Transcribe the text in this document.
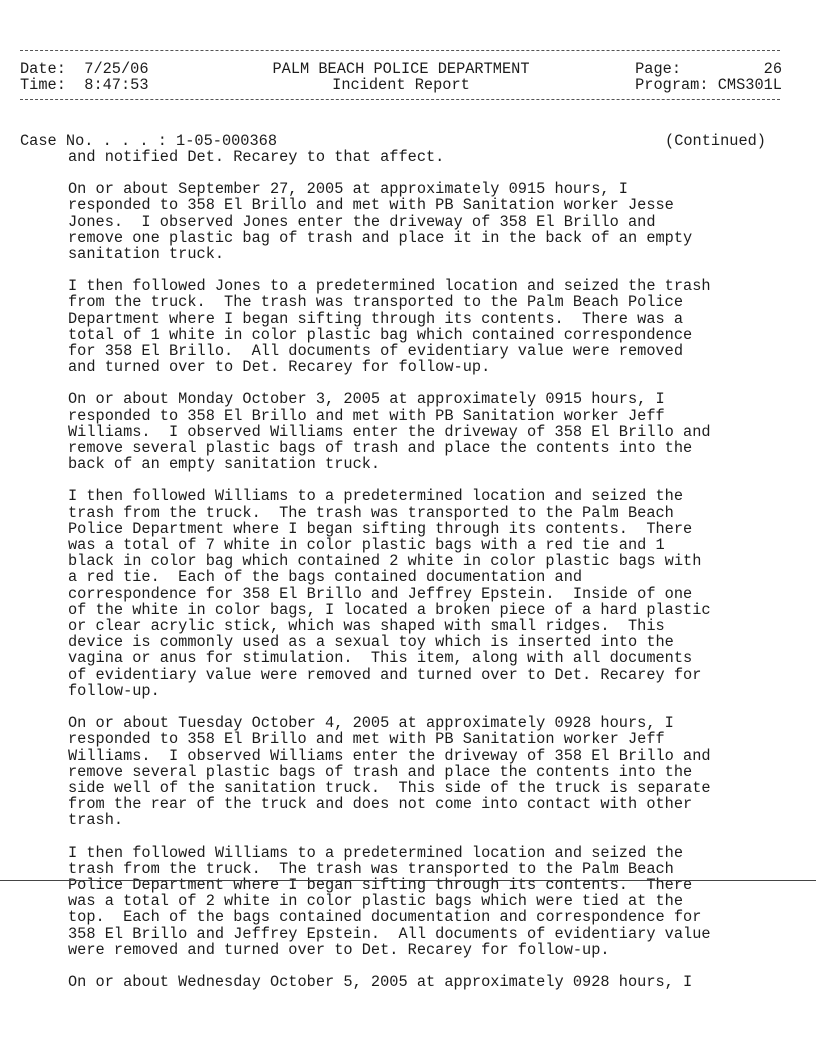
Date: 7/25/06

	PALM BEACH POLICE DEPARTMENT

	Page:	26

Time: 8:47:53

	Incident Report

	Program: CMS301L

Case No. . . . : 1-05-000368	(Continued)

and notified Det. Recarey to that affect.

On or about September 27, 2005 at approximately 0915 hours, I
responded to 358 El Brillo and met with PB Sanitation worker Jesse
Jones.  I observed Jones enter the driveway of 358 El Brillo and
remove one plastic bag of trash and place it in the back of an empty
sanitation truck.

I then followed Jones to a predetermined location and seized the trash
from the truck.  The trash was transported to the Palm Beach Police
Department where I began sifting through its contents.  There was a
total of 1 white in color plastic bag which contained correspondence
for 358 El Brillo.  All documents of evidentiary value were removed
and turned over to Det. Recarey for follow-up.

On or about Monday October 3, 2005 at approximately 0915 hours, I
responded to 358 El Brillo and met with PB Sanitation worker Jeff
Williams.  I observed Williams enter the driveway of 358 El Brillo and
remove several plastic bags of trash and place the contents into the
back of an empty sanitation truck.

I then followed Williams to a predetermined location and seized the
trash from the truck.  The trash was transported to the Palm Beach
Police Department where I began sifting through its contents.  There
was a total of 7 white in color plastic bags with a red tie and 1
black in color bag which contained 2 white in color plastic bags with
a red tie.  Each of the bags contained documentation and
correspondence for 358 El Brillo and Jeffrey Epstein.  Inside of one
of the white in color bags, I located a broken piece of a hard plastic
or clear acrylic stick, which was shaped with small ridges.  This
device is commonly used as a sexual toy which is inserted into the
vagina or anus for stimulation.  This item, along with all documents
of evidentiary value were removed and turned over to Det. Recarey for
follow-up.

On or about Tuesday October 4, 2005 at approximately 0928 hours, I
responded to 358 El Brillo and met with PB Sanitation worker Jeff
Williams.  I observed Williams enter the driveway of 358 El Brillo and
remove several plastic bags of trash and place the contents into the
side well of the sanitation truck.  This side of the truck is separate
from the rear of the truck and does not come into contact with other
trash.

I then followed Williams to a predetermined location and seized the
trash from the truck.  The trash was transported to the Palm Beach
Police Department where I began sifting through its contents.  There
was a total of 2 white in color plastic bags which were tied at the
top.  Each of the bags contained documentation and correspondence for
358 El Brillo and Jeffrey Epstein.  All documents of evidentiary value
were removed and turned over to Det. Recarey for follow-up.

On or about Wednesday October 5, 2005 at approximately 0928 hours, I
